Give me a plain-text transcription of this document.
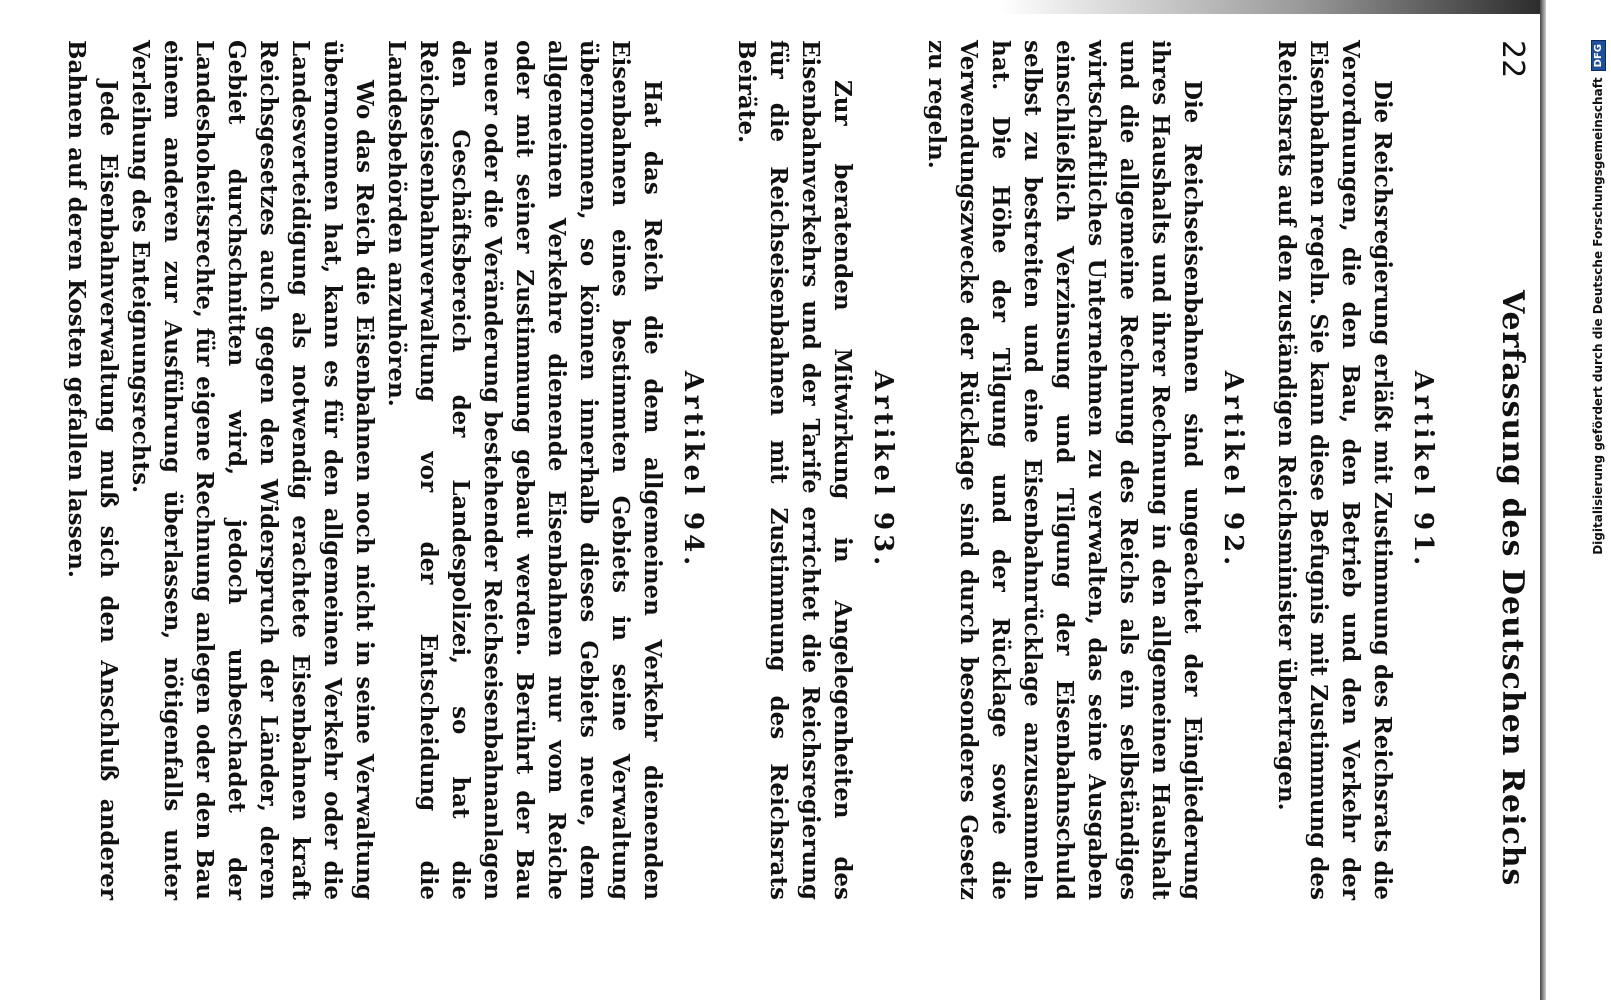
22
Verfassung des Deutschen Reichs
Artikel 91.

Die Reichsregierung erläßt mit Zustimmung des Reichsrats die Verordnungen, die den Bau, den Betrieb und den Verkehr der Eisenbahnen regeln. Sie kann diese Befugnis mit Zustimmung des Reichsrats auf den zuständigen Reichsminister übertragen.

Artikel 92.

Die Reichseisenbahnen sind ungeachtet der Eingliederung ihres Haushalts und ihrer Rechnung in den allgemeinen Haushalt und die allgemeine Rechnung des Reichs als ein selbständiges wirtschaftliches Unternehmen zu verwalten, das seine Ausgaben einschließlich Verzinsung und Tilgung der Eisenbahnschuld selbst zu bestreiten und eine Eisenbahnrücklage anzusammeln hat. Die Höhe der Tilgung und der Rücklage sowie die Verwendungszwecke der Rücklage sind durch besonderes Gesetz zu regeln.

Artikel 93.

Zur beratenden Mitwirkung in Angelegenheiten des Eisenbahnverkehrs und der Tarife errichtet die Reichsregierung für die Reichseisenbahnen mit Zustimmung des Reichsrats Beiräte.

Artikel 94.

Hat das Reich die dem allgemeinen Verkehr dienenden Eisenbahnen eines bestimmten Gebiets in seine Verwaltung übernommen, so können innerhalb dieses Gebiets neue, dem allgemeinen Verkehre dienende Eisenbahnen nur vom Reiche oder mit seiner Zustimmung gebaut werden. Berührt der Bau neuer oder die Veränderung bestehender Reichseisenbahnanlagen den Geschäftsbereich der Landespolizei, so hat die Reichseisenbahnverwaltung vor der Entscheidung die Landesbehörden anzuhören.

Wo das Reich die Eisenbahnen noch nicht in seine Verwaltung übernommen hat, kann es für den allgemeinen Verkehr oder die Landesverteidigung als notwendig erachtete Eisenbahnen kraft Reichsgesetzes auch gegen den Widerspruch der Länder, deren Gebiet durchschnitten wird, jedoch unbeschadet der Landeshoheitsrechte, für eigene Rechnung anlegen oder den Bau einem anderen zur Ausführung überlassen, nötigenfalls unter Verleihung des Enteignungsrechts.

Jede Eisenbahnverwaltung muß sich den Anschluß anderer Bahnen auf deren Kosten gefallen lassen.	Digitalisierung gefördert durch die Deutsche Forschungsgemeinschaft
DFG
